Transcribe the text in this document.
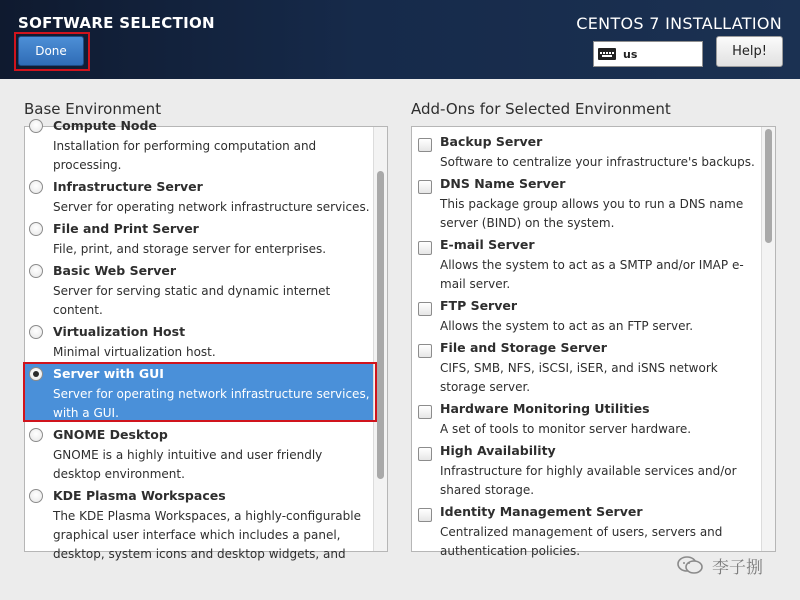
SOFTWARE SELECTION	CENTOS 7 INSTALLATION
Done	us	Help!
Base Environment
Compute Node
Installation for performing computation and processing.
Infrastructure Server
Server for operating network infrastructure services.
File and Print Server
File, print, and storage server for enterprises.
Basic Web Server
Server for serving static and dynamic internet content.
Virtualization Host
Minimal virtualization host.
Server with GUI
Server for operating network infrastructure services, with a GUI.
GNOME Desktop
GNOME is a highly intuitive and user friendly desktop environment.
KDE Plasma Workspaces
The KDE Plasma Workspaces, a highly-configurable graphical user interface which includes a panel, desktop, system icons and desktop widgets, and
Add-Ons for Selected Environment
Backup Server
Software to centralize your infrastructure's backups.
DNS Name Server
This package group allows you to run a DNS name server (BIND) on the system.
E-mail Server
Allows the system to act as a SMTP and/or IMAP e-mail server.
FTP Server
Allows the system to act as an FTP server.
File and Storage Server
CIFS, SMB, NFS, iSCSI, iSER, and iSNS network storage server.
Hardware Monitoring Utilities
A set of tools to monitor server hardware.
High Availability
Infrastructure for highly available services and/or shared storage.
Identity Management Server
Centralized management of users, servers and authentication policies.
李子捌
